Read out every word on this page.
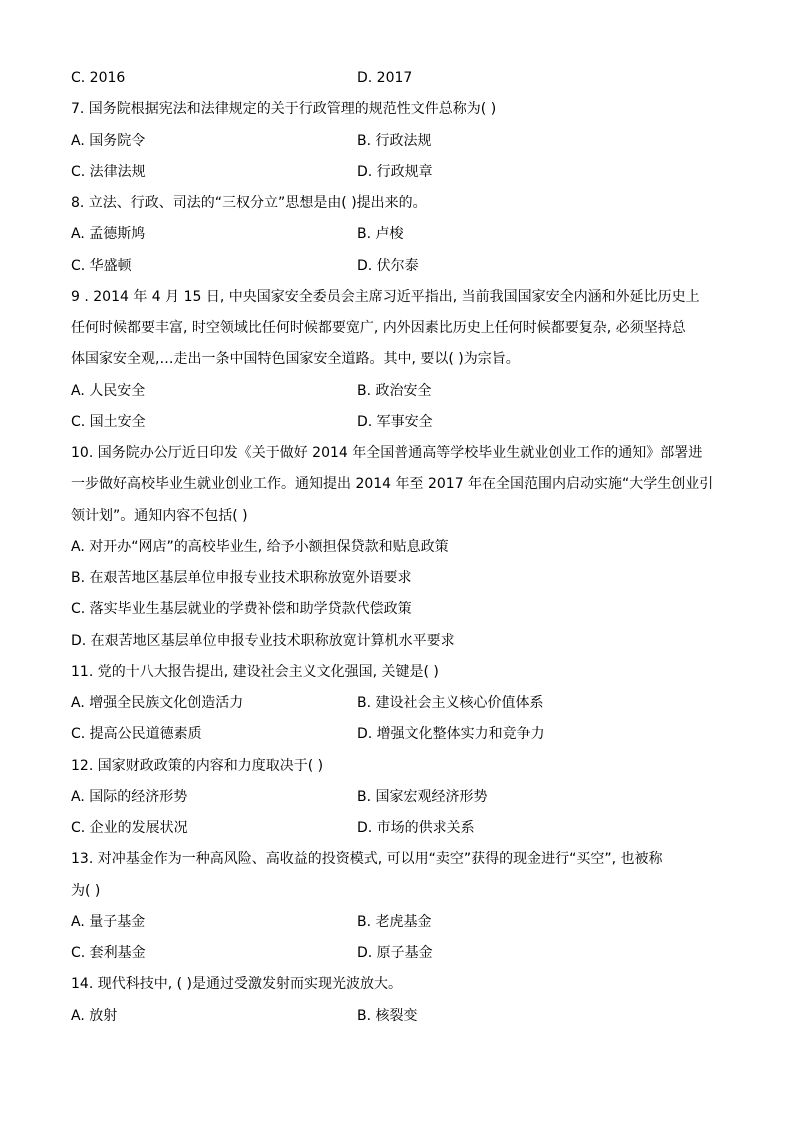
C. 2016	D. 2017
7. 国务院根据宪法和法律规定的关于行政管理的规范性文件总称为( )
A. 国务院令	B. 行政法规
C. 法律法规	D. 行政规章
8. 立法、行政、司法的“三权分立”思想是由( )提出来的。
A. 孟德斯鸠	B. 卢梭
C. 华盛顿	D. 伏尔泰
9 . 2014 年 4 月 15 日, 中央国家安全委员会主席习近平指出, 当前我国国家安全内涵和外延比历史上
任何时候都要丰富, 时空领域比任何时候都要宽广, 内外因素比历史上任何时候都要复杂, 必须坚持总
体国家安全观,…走出一条中国特色国家安全道路。其中, 要以( )为宗旨。
A. 人民安全	B. 政治安全
C. 国土安全	D. 军事安全
10. 国务院办公厅近日印发《关于做好 2014 年全国普通高等学校毕业生就业创业工作的通知》部署进
一步做好高校毕业生就业创业工作。通知提出 2014 年至 2017 年在全国范围内启动实施“大学生创业引
领计划”。通知内容不包括( )
A. 对开办“网店”的高校毕业生, 给予小额担保贷款和贴息政策
B. 在艰苦地区基层单位申报专业技术职称放宽外语要求
C. 落实毕业生基层就业的学费补偿和助学贷款代偿政策
D. 在艰苦地区基层单位申报专业技术职称放宽计算机水平要求
11. 党的十八大报告提出, 建设社会主义文化强国, 关键是( )
A. 增强全民族文化创造活力	B. 建设社会主义核心价值体系
C. 提高公民道德素质	D. 增强文化整体实力和竞争力
12. 国家财政政策的内容和力度取决于( )
A. 国际的经济形势	B. 国家宏观经济形势
C. 企业的发展状况	D. 市场的供求关系
13. 对冲基金作为一种高风险、高收益的投资模式, 可以用“卖空”获得的现金进行“买空”, 也被称
为( )
A. 量子基金	B. 老虎基金
C. 套利基金	D. 原子基金
14. 现代科技中, ( )是通过受激发射而实现光波放大。
A. 放射	B. 核裂变
